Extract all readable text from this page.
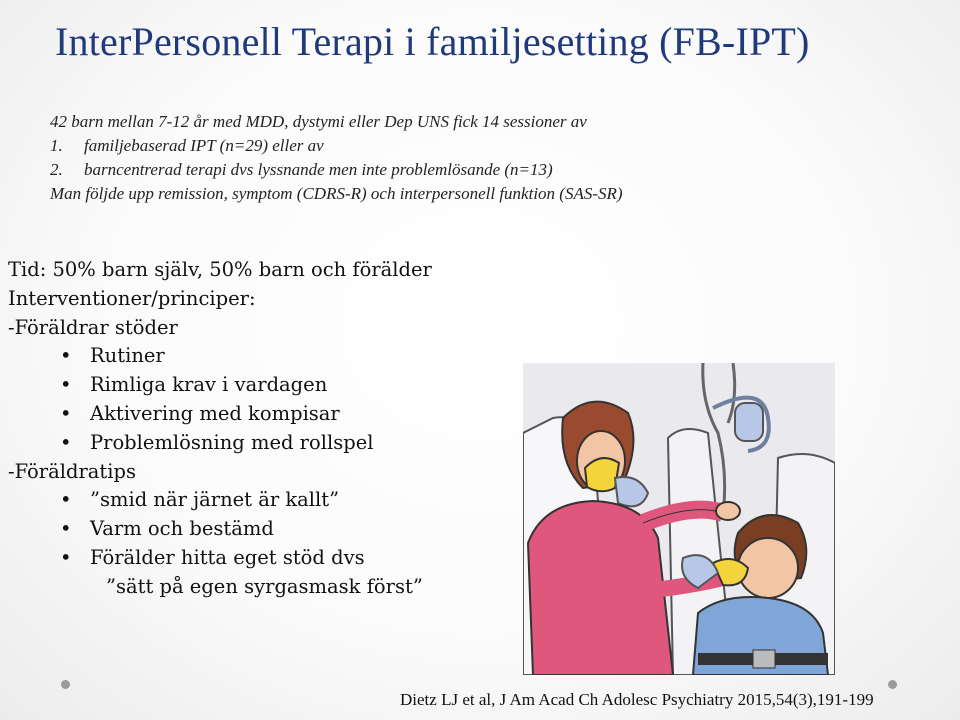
InterPersonell Terapi i familjesetting (FB-IPT)
42 barn mellan 7-12 år med MDD, dystymi eller Dep UNS fick 14 sessioner av
1. familjebaserad IPT (n=29) eller av
2. barncentrerad terapi dvs lyssnande men inte problemlösande (n=13)
Man följde upp remission, symptom (CDRS-R) och interpersonell funktion (SAS-SR)
Tid: 50% barn själv, 50% barn och förälder
Interventioner/principer:
-Föräldrar stöder
• Rutiner
• Rimliga krav i vardagen
• Aktivering med kompisar
• Problemlösning med rollspel
-Föräldratips
• ”smid när järnet är kallt”
• Varm och bestämd
• Förälder hitta eget stöd dvs
”sätt på egen syrgasmask först”
Dietz LJ et al, J Am Acad Ch Adolesc Psychiatry 2015,54(3),191-199
